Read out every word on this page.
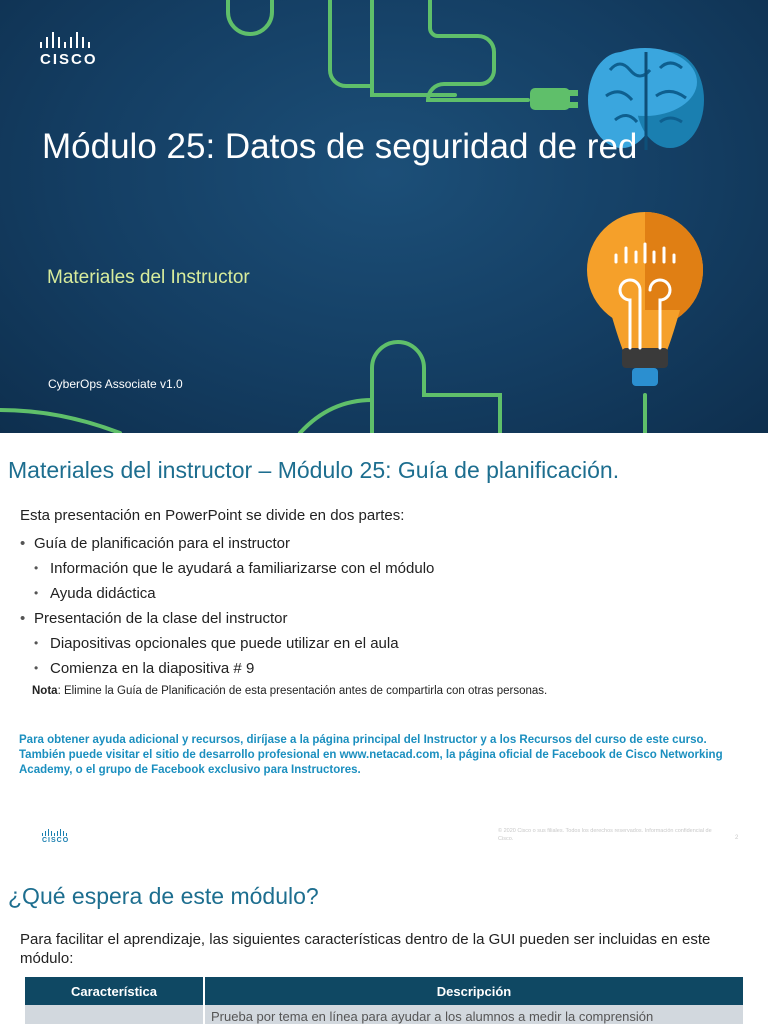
CISCO
Módulo 25: Datos de seguridad de red

Materiales del Instructor

CyberOps Associate v1.0
Materiales del instructor – Módulo 25: Guía de planificación.

Esta presentación en PowerPoint se divide en dos partes:

• Guía de planificación para el instructor

• Información que le ayudará a familiarizarse con el módulo

• Ayuda didáctica

• Presentación de la clase del instructor

• Diapositivas opcionales que puede utilizar en el aula

• Comienza en la diapositiva # 9

Nota: Elimine la Guía de Planificación de esta presentación antes de compartirla con otras personas.

Para obtener ayuda adicional y recursos, diríjase a la página principal del Instructor y a los Recursos del curso de este curso. También puede visitar el sitio de desarrollo profesional en www.netacad.com, la página oficial de Facebook de Cisco Networking Academy, o el grupo de Facebook exclusivo para Instructores.

CISCO
© 2020 Cisco o sus filiales. Todos los derechos reservados. Información confidencial de Cisco.	2
¿Qué espera de este módulo?

Para facilitar el aprendizaje, las siguientes características dentro de la GUI pueden ser incluidas en este módulo:

Característica	Descripción
	Prueba por tema en línea para ayudar a los alumnos a medir la comprensión
